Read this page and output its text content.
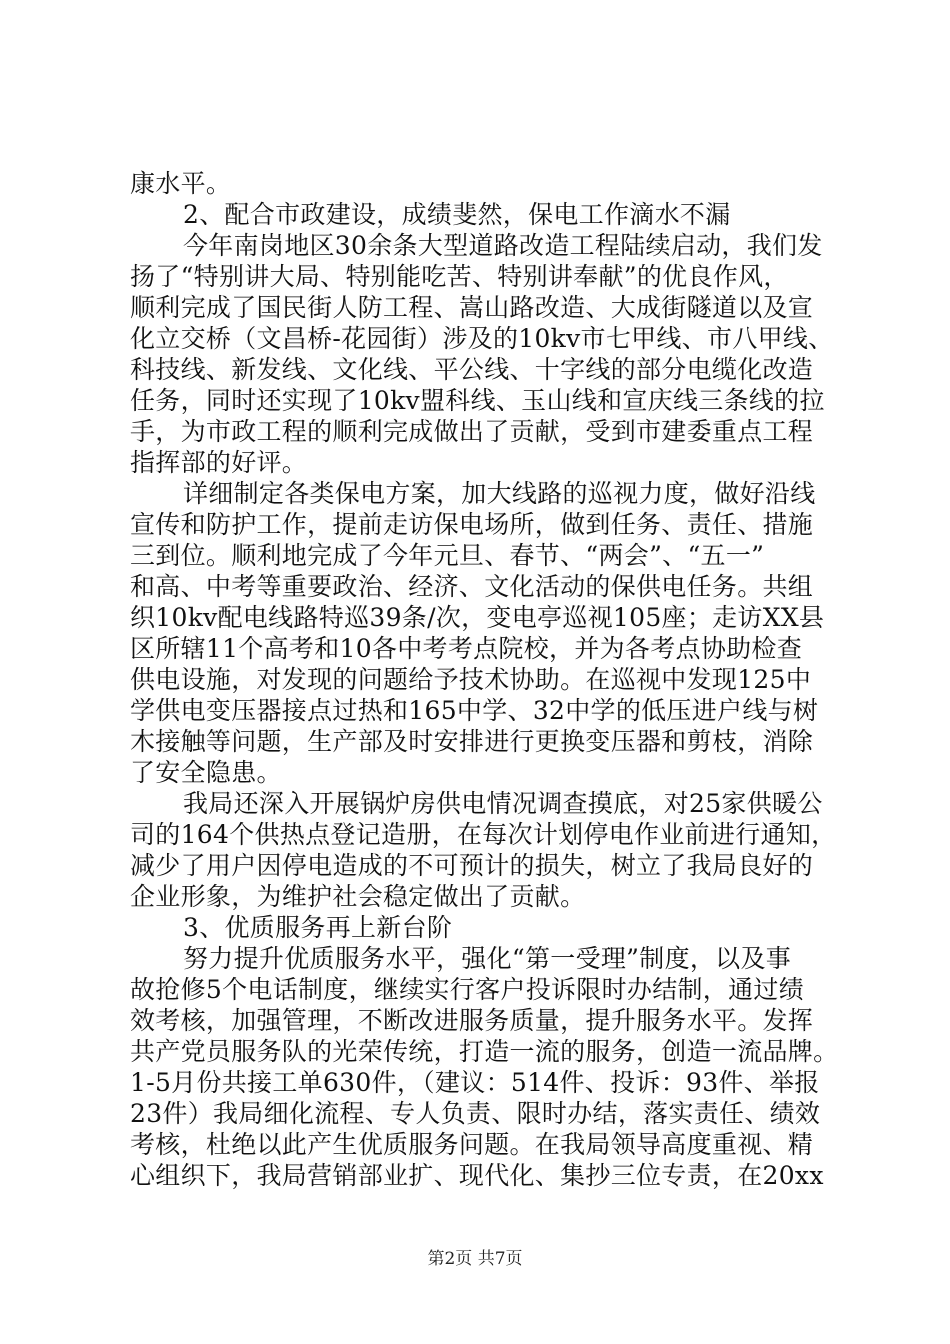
康水平。
2、配合市政建设，成绩斐然，保电工作滴水不漏
今年南岗地区30余条大型道路改造工程陆续启动，我们发
扬了“特别讲大局、特别能吃苦、特别讲奉献”的优良作风，
顺利完成了国民街人防工程、嵩山路改造、大成街隧道以及宣
化立交桥（文昌桥-花园街）涉及的10kv市七甲线、市八甲线、
科技线、新发线、文化线、平公线、十字线的部分电缆化改造
任务，同时还实现了10kv盟科线、玉山线和宣庆线三条线的拉
手，为市政工程的顺利完成做出了贡献，受到市建委重点工程
指挥部的好评。
详细制定各类保电方案，加大线路的巡视力度，做好沿线
宣传和防护工作，提前走访保电场所，做到任务、责任、措施
三到位。顺利地完成了今年元旦、春节、“两会”、“五一”
和高、中考等重要政治、经济、文化活动的保供电任务。共组
织10kv配电线路特巡39条/次，变电亭巡视105座；走访XX县
区所辖11个高考和10各中考考点院校，并为各考点协助检查
供电设施，对发现的问题给予技术协助。在巡视中发现125中
学供电变压器接点过热和165中学、32中学的低压进户线与树
木接触等问题，生产部及时安排进行更换变压器和剪枝，消除
了安全隐患。
我局还深入开展锅炉房供电情况调查摸底，对25家供暖公
司的164个供热点登记造册，在每次计划停电作业前进行通知，
减少了用户因停电造成的不可预计的损失，树立了我局良好的
企业形象，为维护社会稳定做出了贡献。
3、优质服务再上新台阶
努力提升优质服务水平，强化“第一受理”制度，以及事
故抢修5个电话制度，继续实行客户投诉限时办结制，通过绩
效考核，加强管理，不断改进服务质量，提升服务水平。发挥
共产党员服务队的光荣传统，打造一流的服务，创造一流品牌。
1-5月份共接工单630件，（建议：514件、投诉：93件、举报
23件）我局细化流程、专人负责、限时办结，落实责任、绩效
考核，杜绝以此产生优质服务问题。在我局领导高度重视、精
心组织下，我局营销部业扩、现代化、集抄三位专责，在20xx
第2页 共7页
